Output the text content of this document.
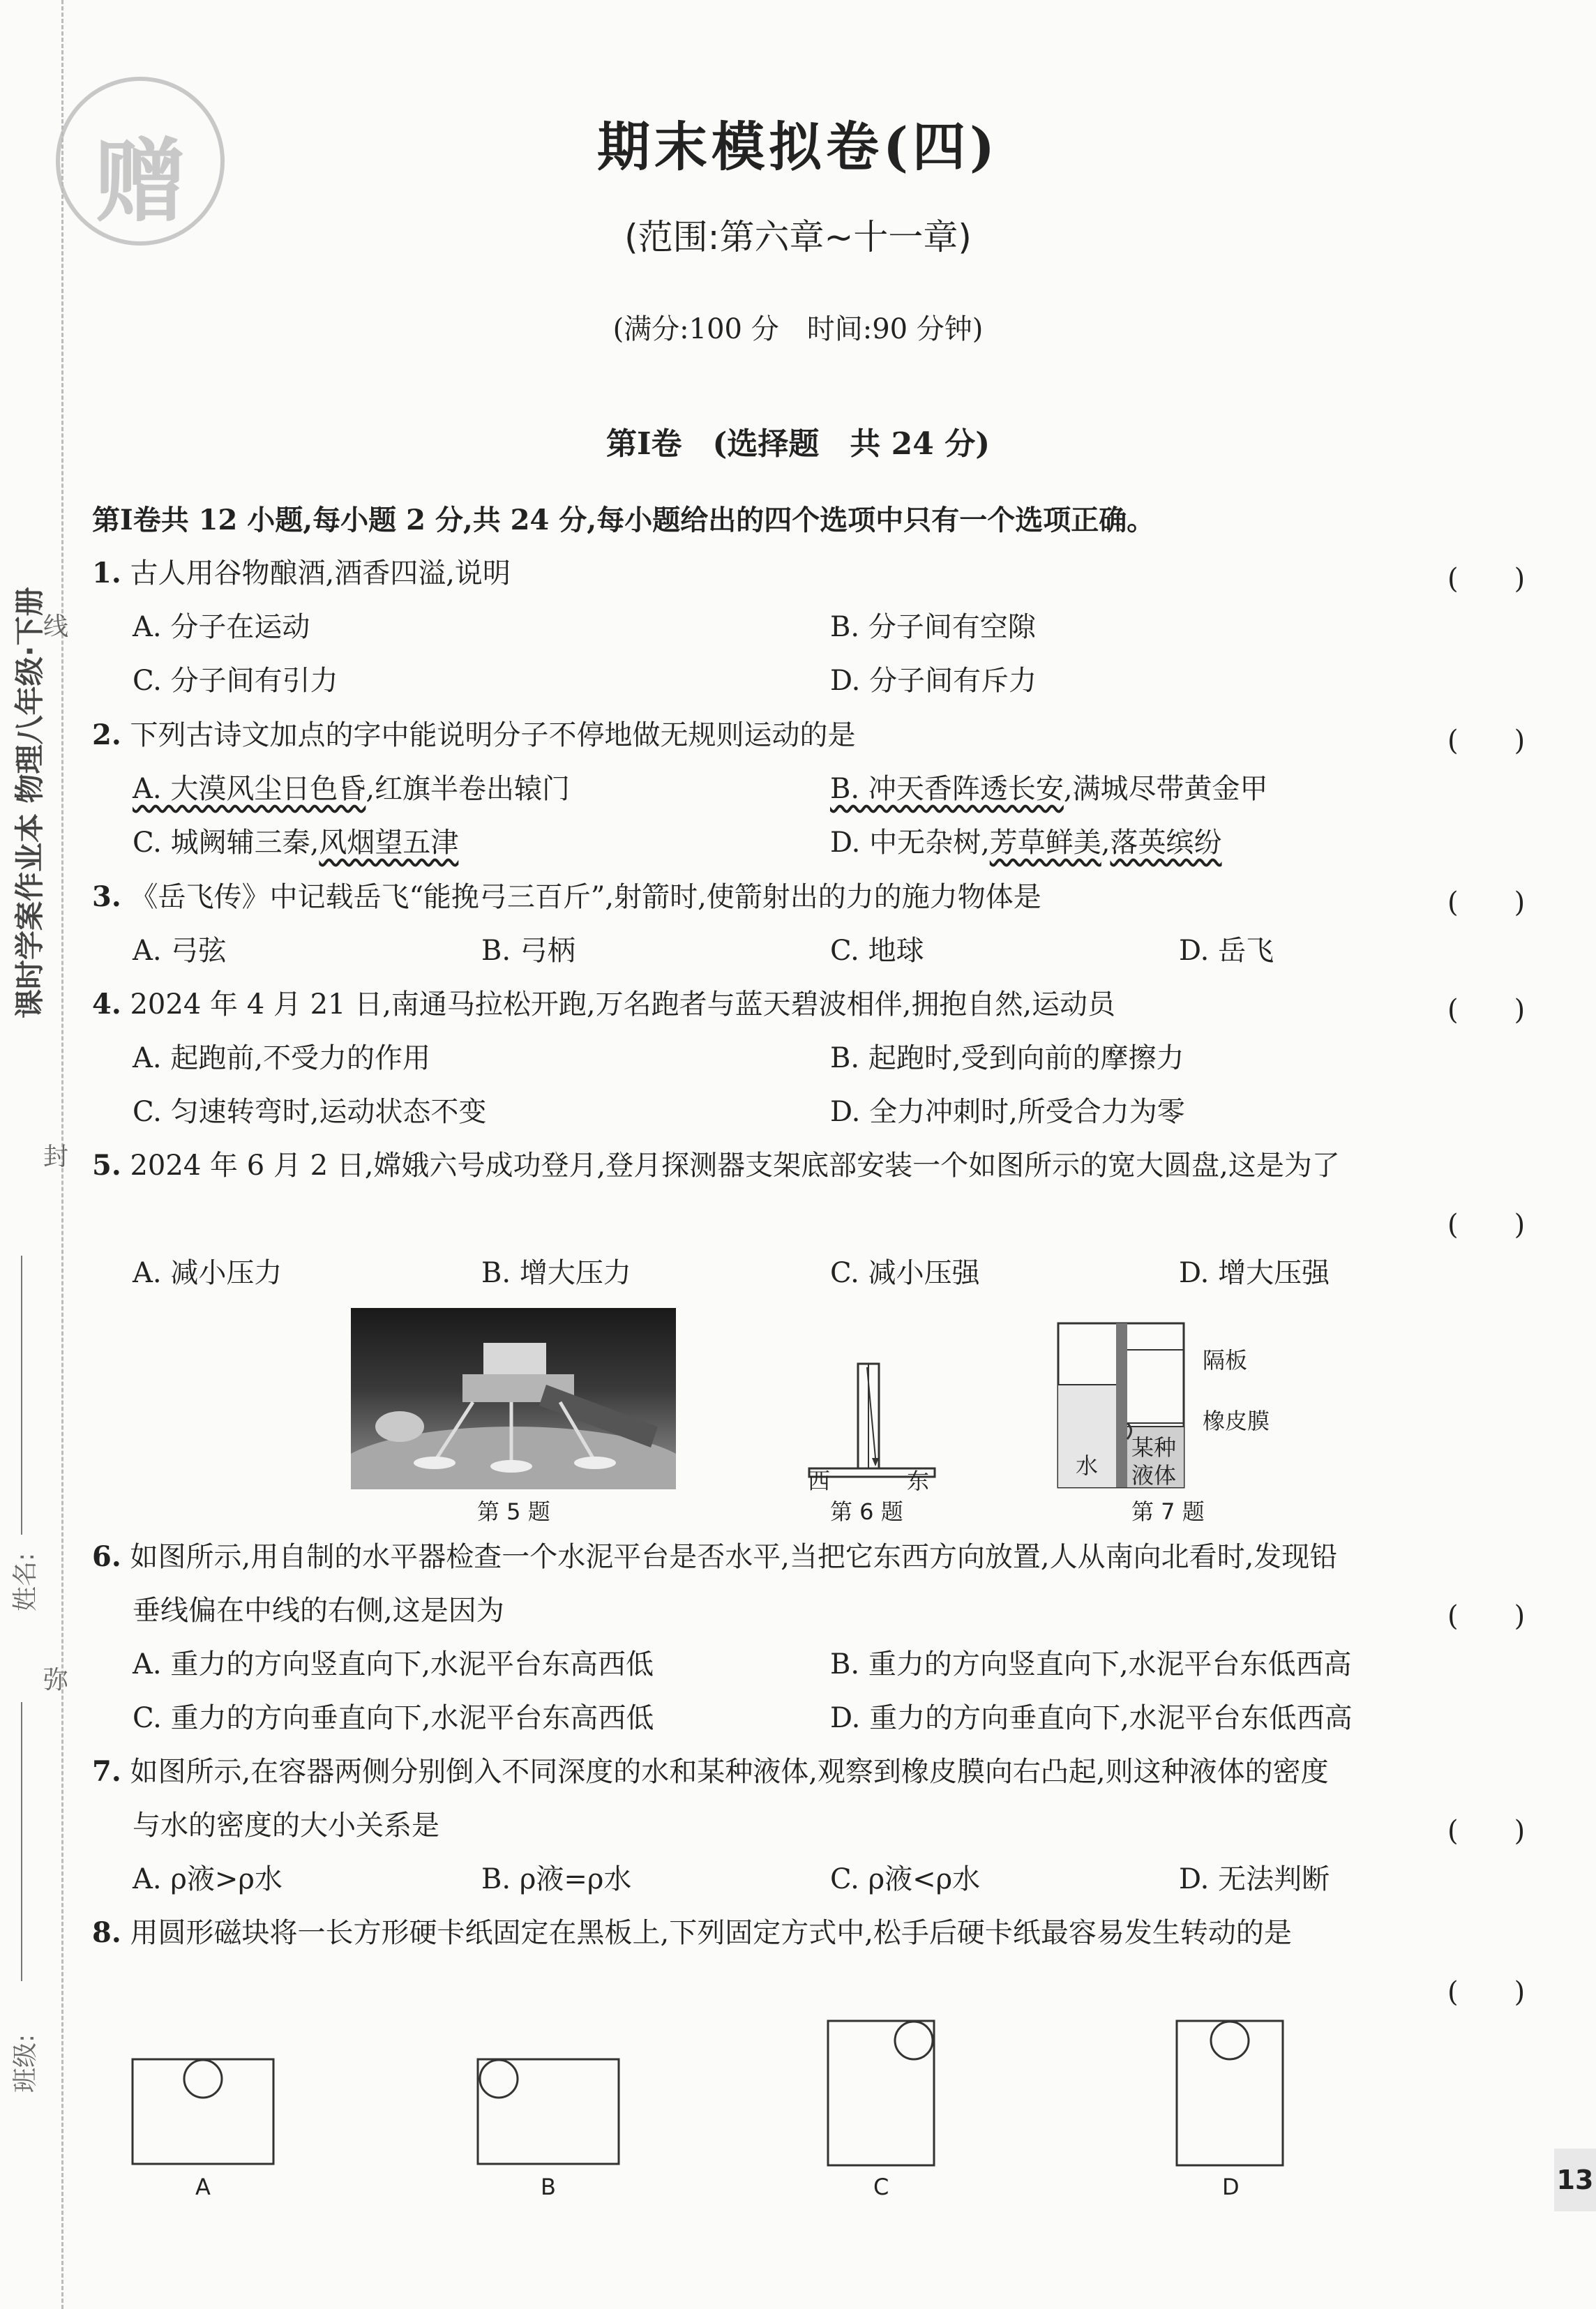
赠
课时学案作业本 物理八年级·下册
线
封
弥
姓名:
班级:
期末模拟卷(四)
(范围:第六章~十一章)
(满分:100 分　时间:90 分钟)
第Ⅰ卷　(选择题　共 24 分)
第Ⅰ卷共 12 小题,每小题 2 分,共 24 分,每小题给出的四个选项中只有一个选项正确。
1. 古人用谷物酿酒,酒香四溢,说明	(　　)
A. 分子在运动	B. 分子间有空隙
C. 分子间有引力	D. 分子间有斥力
2. 下列古诗文加点的字中能说明分子不停地做无规则运动的是	(　　)
A. 大漠风尘日色昏,红旗半卷出辕门	B. 冲天香阵透长安,满城尽带黄金甲
C. 城阙辅三秦,风烟望五津	D. 中无杂树,芳草鲜美,落英缤纷
3. 《岳飞传》中记载岳飞“能挽弓三百斤”,射箭时,使箭射出的力的施力物体是	(　　)
A. 弓弦	B. 弓柄	C. 地球	D. 岳飞
4. 2024 年 4 月 21 日,南通马拉松开跑,万名跑者与蓝天碧波相伴,拥抱自然,运动员	(　　)
A. 起跑前,不受力的作用	B. 起跑时,受到向前的摩擦力
C. 匀速转弯时,运动状态不变	D. 全力冲刺时,所受合力为零
5. 2024 年 6 月 2 日,嫦娥六号成功登月,登月探测器支架底部安装一个如图所示的宽大圆盘,这是为了
(　　)
A. 减小压力	B. 增大压力	C. 减小压强	D. 增大压强
第 5 题
西	东
第 6 题
隔板
橡皮膜
水
某种
液体
第 7 题
6. 如图所示,用自制的水平器检查一个水泥平台是否水平,当把它东西方向放置,人从南向北看时,发现铅
垂线偏在中线的右侧,这是因为	(　　)
A. 重力的方向竖直向下,水泥平台东高西低	B. 重力的方向竖直向下,水泥平台东低西高
C. 重力的方向垂直向下,水泥平台东高西低	D. 重力的方向垂直向下,水泥平台东低西高
7. 如图所示,在容器两侧分别倒入不同深度的水和某种液体,观察到橡皮膜向右凸起,则这种液体的密度
与水的密度的大小关系是	(　　)
A. ρ液>ρ水	B. ρ液=ρ水	C. ρ液<ρ水	D. 无法判断
8. 用圆形磁块将一长方形硬卡纸固定在黑板上,下列固定方式中,松手后硬卡纸最容易发生转动的是
(　　)
A	B	C	D	13
